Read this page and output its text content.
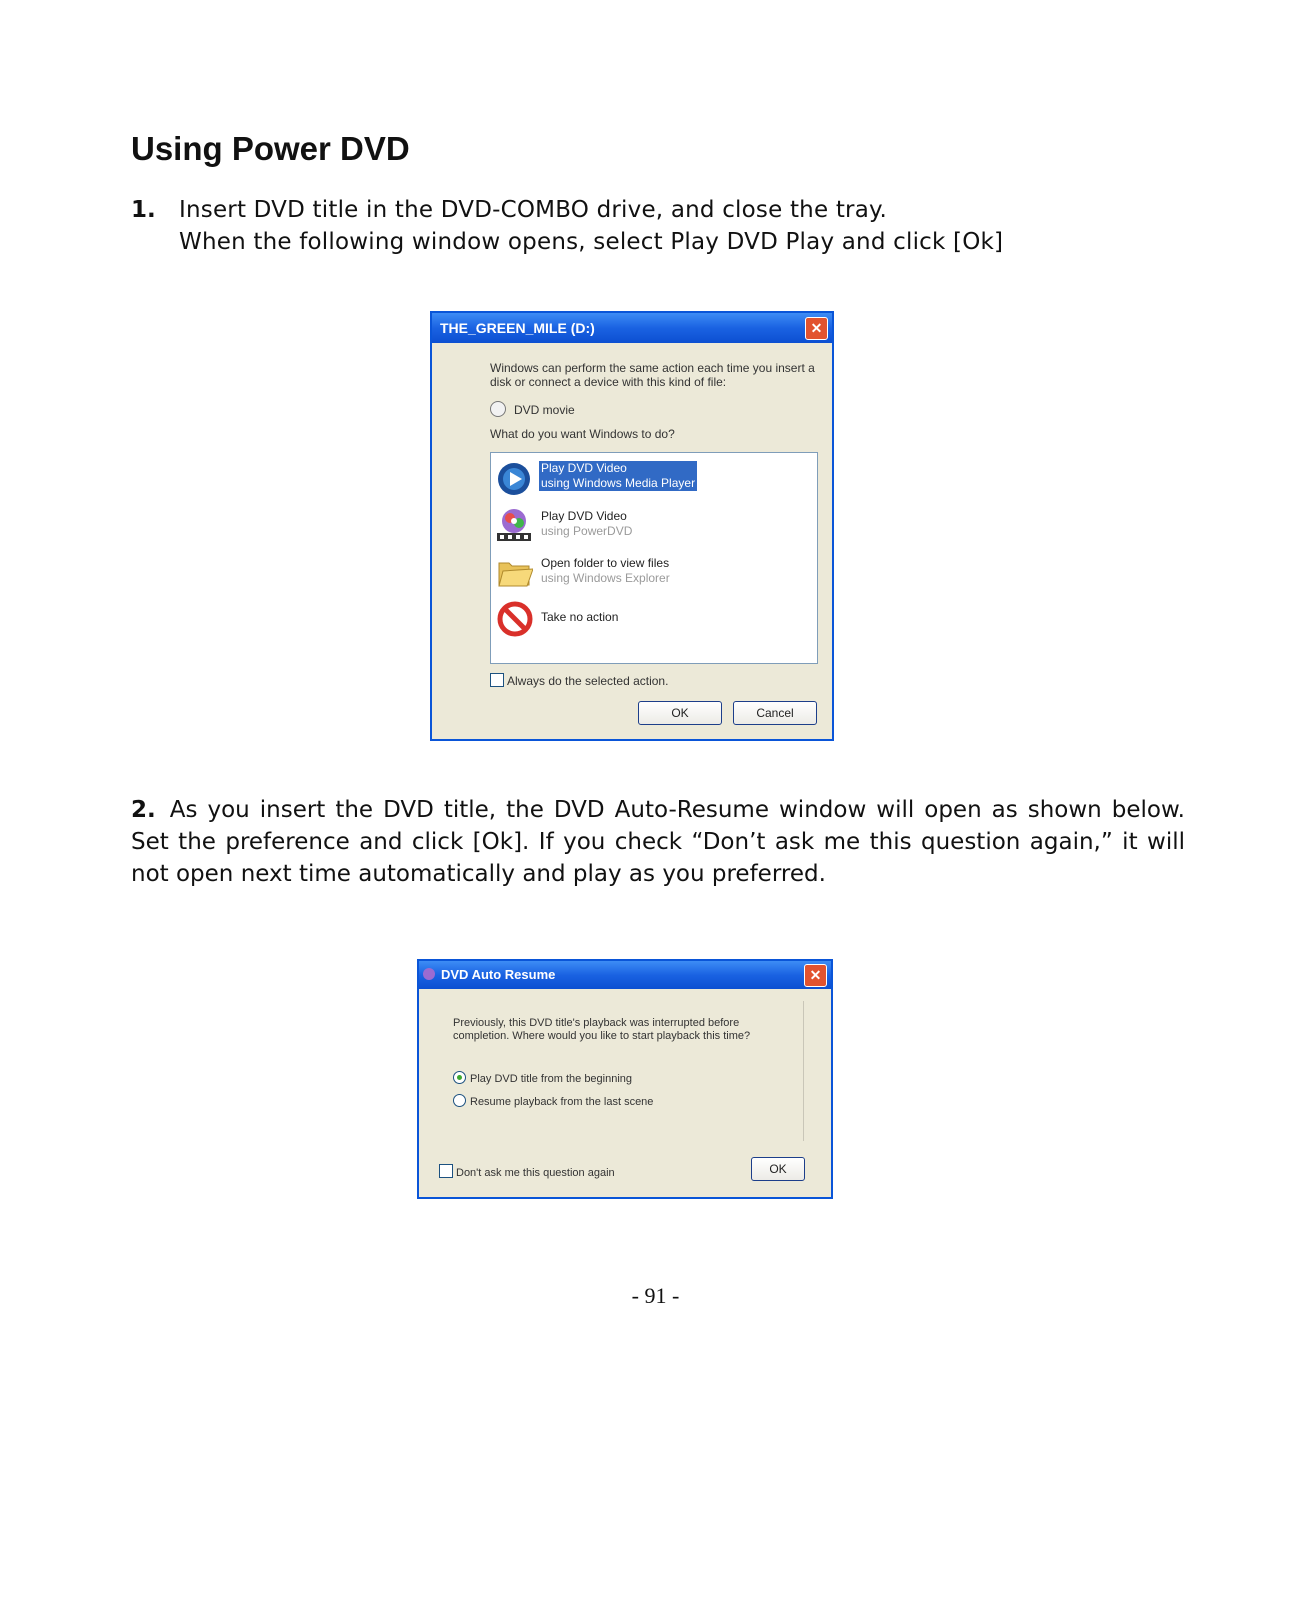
Using Power DVD
1. Insert DVD title in the DVD-COMBO drive, and close the tray.
When the following window opens, select Play DVD Play and click [Ok]
THE_GREEN_MILE (D:)	✕
Windows can perform the same action each time you insert a disk or connect a device with this kind of file:
DVD movie
What do you want Windows to do?
Play DVD Video
using Windows Media Player
Play DVD Video
using PowerDVD
Open folder to view files
using Windows Explorer
Take no action
Always do the selected action.
OK	Cancel
2. As you insert the DVD title, the DVD Auto-Resume window will open as shown below. Set the preference and click [Ok]. If you check “Don’t ask me this question again,” it will not open next time automatically and play as you preferred.
DVD Auto Resume	✕
Previously, this DVD title's playback was interrupted before completion. Where would you like to start playback this time?
Play DVD title from the beginning
Resume playback from the last scene
Don't ask me this question again	OK
- 91 -
